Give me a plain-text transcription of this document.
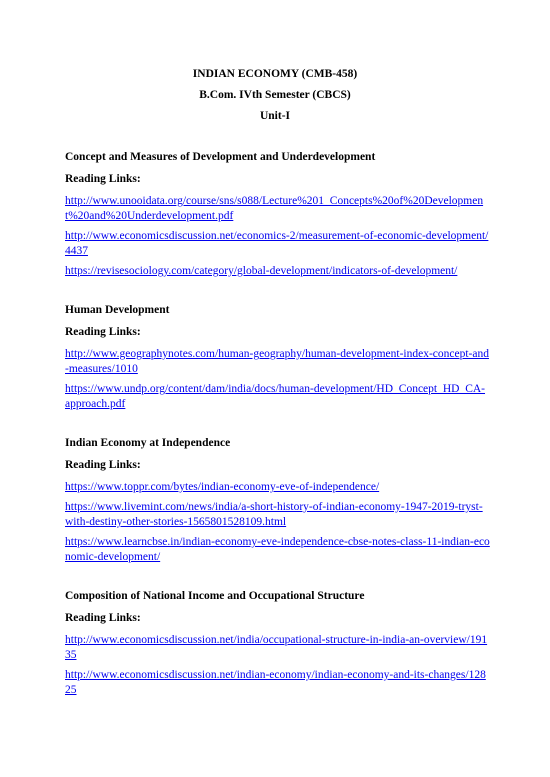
INDIAN ECONOMY (CMB-458)
B.Com. IVth Semester (CBCS)
Unit-I
Concept and Measures of Development and Underdevelopment
Reading Links:
http://www.unooidata.org/course/sns/s088/Lecture%201_Concepts%20of%20Development%20and%20Underdevelopment.pdf
http://www.economicsdiscussion.net/economics-2/measurement-of-economic-development/4437
https://revisesociology.com/category/global-development/indicators-of-development/
Human Development
Reading Links:
http://www.geographynotes.com/human-geography/human-development-index-concept-and-measures/1010
https://www.undp.org/content/dam/india/docs/human-development/HD_Concept_HD_CA-approach.pdf
Indian Economy at Independence
Reading Links:
https://www.toppr.com/bytes/indian-economy-eve-of-independence/
https://www.livemint.com/news/india/a-short-history-of-indian-economy-1947-2019-tryst-with-destiny-other-stories-1565801528109.html
https://www.learncbse.in/indian-economy-eve-independence-cbse-notes-class-11-indian-economic-development/
Composition of National Income and Occupational Structure
Reading Links:
http://www.economicsdiscussion.net/india/occupational-structure-in-india-an-overview/19135
http://www.economicsdiscussion.net/indian-economy/indian-economy-and-its-changes/12825
